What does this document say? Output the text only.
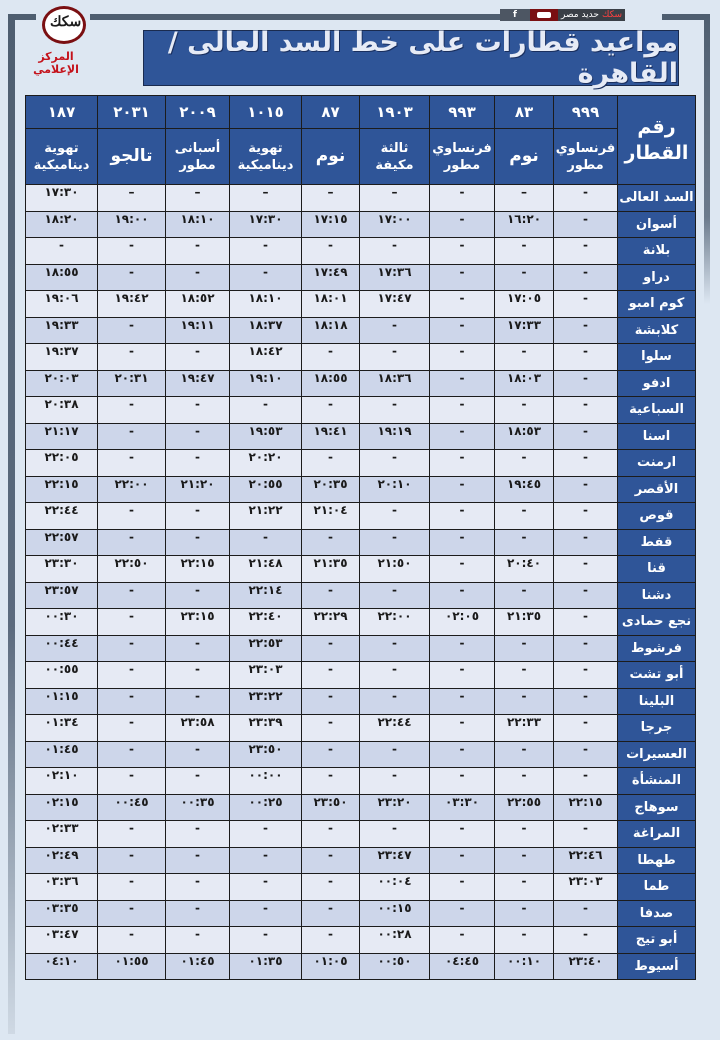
سكك
المركز الإعلامي
f	حديد مصر سكك
مواعيد قطارات على خط السد العالى / القاهرة
١٨٧	٢٠٣١	٢٠٠٩	١٠١٥	٨٧	١٩٠٣	٩٩٣	٨٣	٩٩٩	رقم القطار
تهوية ديناميكية	تالجو	أسبانى مطور	تهوية ديناميكية	نوم	ثالثة مكيفة	فرنساوي مطور	نوم	فرنساوي مطور	
١٧:٣٠	–	–	–	–	–	-	–	-	السد العالى
١٨:٢٠	١٩:٠٠	١٨:١٠	١٧:٣٠	١٧:١٥	١٧:٠٠	-	١٦:٢٠	-	أسوان
-	-	-	-	-	-	-	-	-	بلانة
١٨:٥٥	-	-	-	١٧:٤٩	١٧:٣٦	-	-	-	دراو
١٩:٠٦	١٩:٤٢	١٨:٥٢	١٨:١٠	١٨:٠١	١٧:٤٧	-	١٧:٠٥	-	كوم امبو
١٩:٣٣	-	١٩:١١	١٨:٣٧	١٨:١٨	-	-	١٧:٣٣	-	كلابشة
١٩:٣٧	-	-	١٨:٤٢	-	-	-	-	-	سلوا
٢٠:٠٣	٢٠:٣١	١٩:٤٧	١٩:١٠	١٨:٥٥	١٨:٣٦	-	١٨:٠٣	-	ادفو
٢٠:٣٨	-	-	-	-	-	-	-	-	السباعية
٢١:١٧	-	-	١٩:٥٣	١٩:٤١	١٩:١٩	-	١٨:٥٣	-	اسنا
٢٢:٠٥	-	-	٢٠:٢٠	-	-	-	-	-	ارمنت
٢٢:١٥	٢٢:٠٠	٢١:٢٠	٢٠:٥٥	٢٠:٣٥	٢٠:١٠	-	١٩:٤٥	-	الأقصر
٢٢:٤٤	-	-	٢١:٢٢	٢١:٠٤	-	-	-	-	قوص
٢٢:٥٧	-	-	-	-	-	-	-	-	قفط
٢٣:٣٠	٢٢:٥٠	٢٢:١٥	٢١:٤٨	٢١:٣٥	٢١:٥٠	-	٢٠:٤٠	-	قنا
٢٣:٥٧	-	-	٢٢:١٤	-	-	-	-	-	دشنا
٠٠:٣٠	-	٢٣:١٥	٢٢:٤٠	٢٢:٢٩	٢٢:٠٠	٠٢:٠٥	٢١:٣٥	-	نجع حمادى
٠٠:٤٤	-	-	٢٢:٥٣	-	-	-	-	-	فرشوط
٠٠:٥٥	-	-	٢٣:٠٣	-	-	-	-	-	أبو تشت
٠١:١٥	-	-	٢٣:٢٢	-	-	-	-	-	البلينا
٠١:٣٤	-	٢٣:٥٨	٢٣:٣٩	-	٢٢:٤٤	-	٢٢:٣٣	-	جرجا
٠١:٤٥	-	-	٢٣:٥٠	-	-	-	-	-	العسيرات
٠٢:١٠	-	-	٠٠:٠٠	-	-	-	-	-	المنشأة
٠٢:١٥	٠٠:٤٥	٠٠:٣٥	٠٠:٢٥	٢٣:٥٠	٢٣:٢٠	٠٣:٣٠	٢٢:٥٥	٢٢:١٥	سوهاج
٠٢:٣٣	-	-	-	-	-	-	-	-	المراغة
٠٢:٤٩	-	-	-	-	٢٣:٤٧	-	-	٢٢:٤٦	طهطا
٠٣:٣٦	-	-	-	-	٠٠:٠٤	-	-	٢٣:٠٣	طما
٠٣:٣٥	-	-	-	-	٠٠:١٥	-	-	-	صدفا
٠٣:٤٧	-	-	-	-	٠٠:٢٨	-	-	-	أبو تيج
٠٤:١٠	٠١:٥٥	٠١:٤٥	٠١:٣٥	٠١:٠٥	٠٠:٥٠	٠٤:٤٥	٠٠:١٠	٢٣:٤٠	أسيوط
